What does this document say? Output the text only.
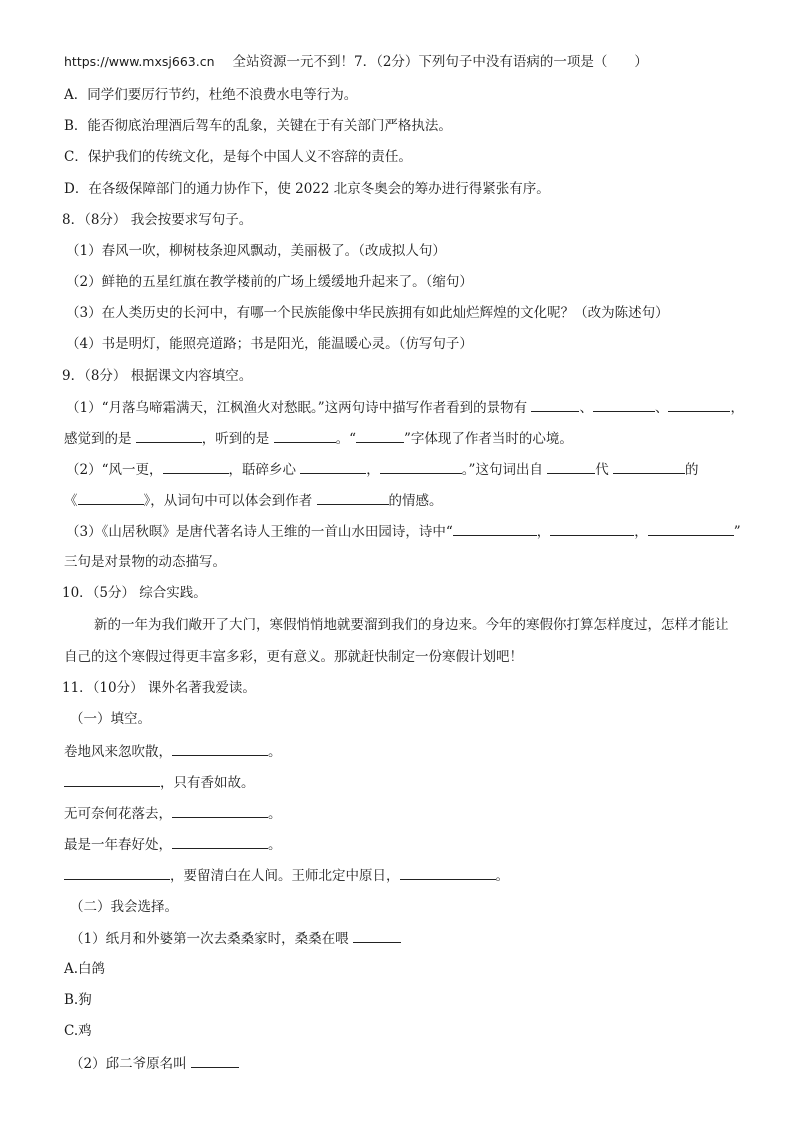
https://www.mxsj663.cn 全站资源一元不到！7．（2分）下列句子中没有语病的一项是（　　）
A．同学们要厉行节约，杜绝不浪费水电等行为。
B．能否彻底治理酒后驾车的乱象，关键在于有关部门严格执法。
C．保护我们的传统文化，是每个中国人义不容辞的责任。
D．在各级保障部门的通力协作下，使 2022 北京冬奥会的筹办进行得紧张有序。
8．（8分） 我会按要求写句子。
（1）春风一吹，柳树枝条迎风飘动，美丽极了。（改成拟人句）
（2）鲜艳的五星红旗在教学楼前的广场上缓缓地升起来了。（缩句）
（3）在人类历史的长河中，有哪一个民族能像中华民族拥有如此灿烂辉煌的文化呢？（改为陈述句）
（4）书是明灯，能照亮道路；书是阳光，能温暖心灵。（仿写句子）
9．（8分） 根据课文内容填空。
（1）“月落乌啼霜满天，江枫渔火对愁眠。”这两句诗中描写作者看到的景物有	、	、	，
感觉到的是	，听到的是	。“	”字体现了作者当时的心境。
（2）“风一更，	，聒碎乡心	，	。”这句词出自	代	的
《	》，从词句中可以体会到作者	的情感。
（3）《山居秋暝》是唐代著名诗人王维的一首山水田园诗，诗中“	，	，	”
三句是对景物的动态描写。
10．（5分） 综合实践。
新的一年为我们敞开了大门，寒假悄悄地就要溜到我们的身边来。今年的寒假你打算怎样度过，怎样才能让
自己的这个寒假过得更丰富多彩，更有意义。那就赶快制定一份寒假计划吧！
11．（10分） 课外名著我爱读。
（一）填空。
卷地风来忽吹散，	。
，只有香如故。
无可奈何花落去，	。
最是一年春好处，	。
，要留清白在人间。王师北定中原日，	。
（二）我会选择。
（1）纸月和外婆第一次去桑桑家时，桑桑在喂
A.白鸽
B.狗
C.鸡
（2）邱二爷原名叫
